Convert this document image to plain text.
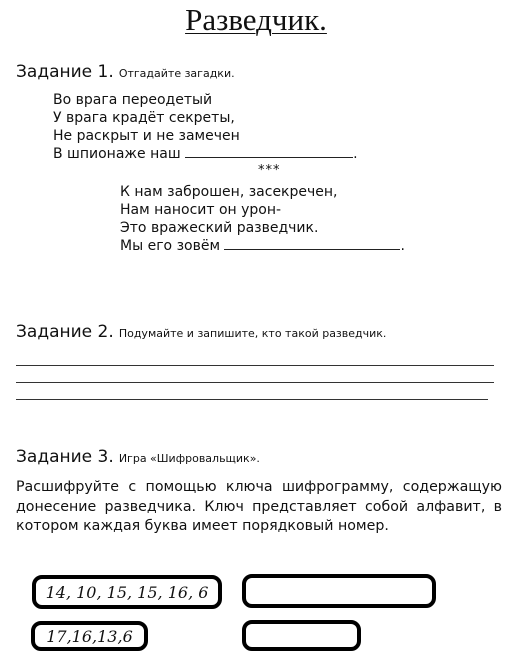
Разведчик.
Задание 1. Отгадайте загадки.
Во врага переодетый
У врага крадёт секреты,
Не раскрыт и не замечен
В шпионаже наш	.
***
К нам заброшен, засекречен,
Нам наносит он урон-
Это вражеский разведчик.
Мы его зовём	.
Задание 2. Подумайте и запишите, кто такой разведчик.
Задание 3. Игра «Шифровальщик».
Расшифруйте с помощью ключа шифрограмму, содержащую донесение разведчика. Ключ представляет собой алфавит, в котором каждая буква имеет порядковый номер.
14, 10, 15, 15, 16, 6
17,16,13,6
